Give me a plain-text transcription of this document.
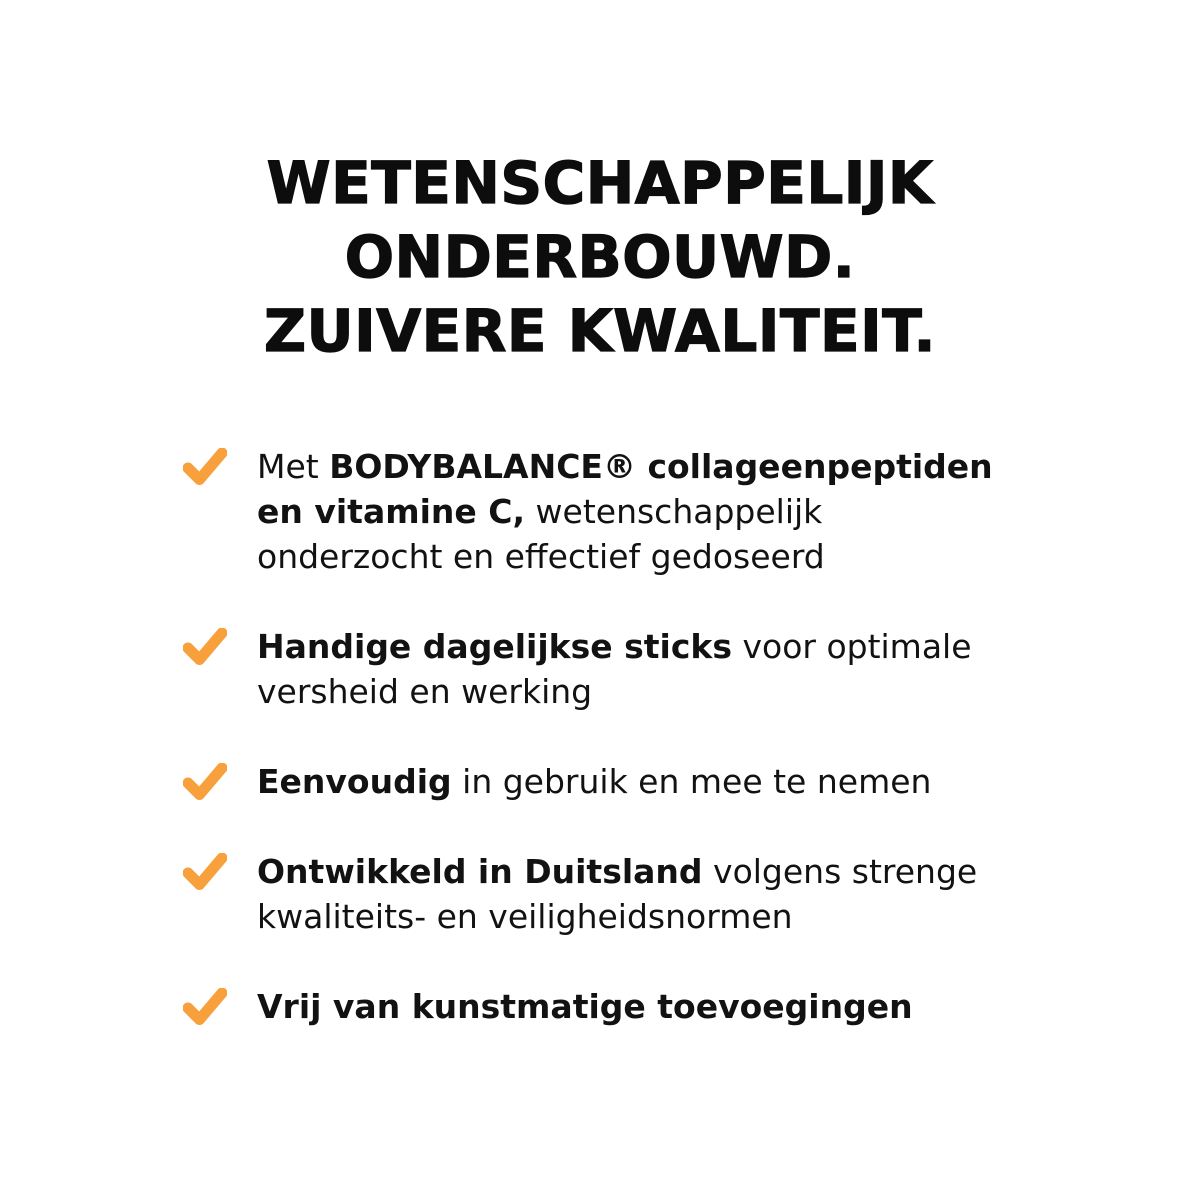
WETENSCHAPPELIJK
ONDERBOUWD.
ZUIVERE KWALITEIT.
Met BODYBALANCE® collageenpeptiden
en vitamine C, wetenschappelijk
onderzocht en effectief gedoseerd
Handige dagelijkse sticks voor optimale
versheid en werking
Eenvoudig in gebruik en mee te nemen
Ontwikkeld in Duitsland volgens strenge
kwaliteits- en veiligheidsnormen
Vrij van kunstmatige toevoegingen
